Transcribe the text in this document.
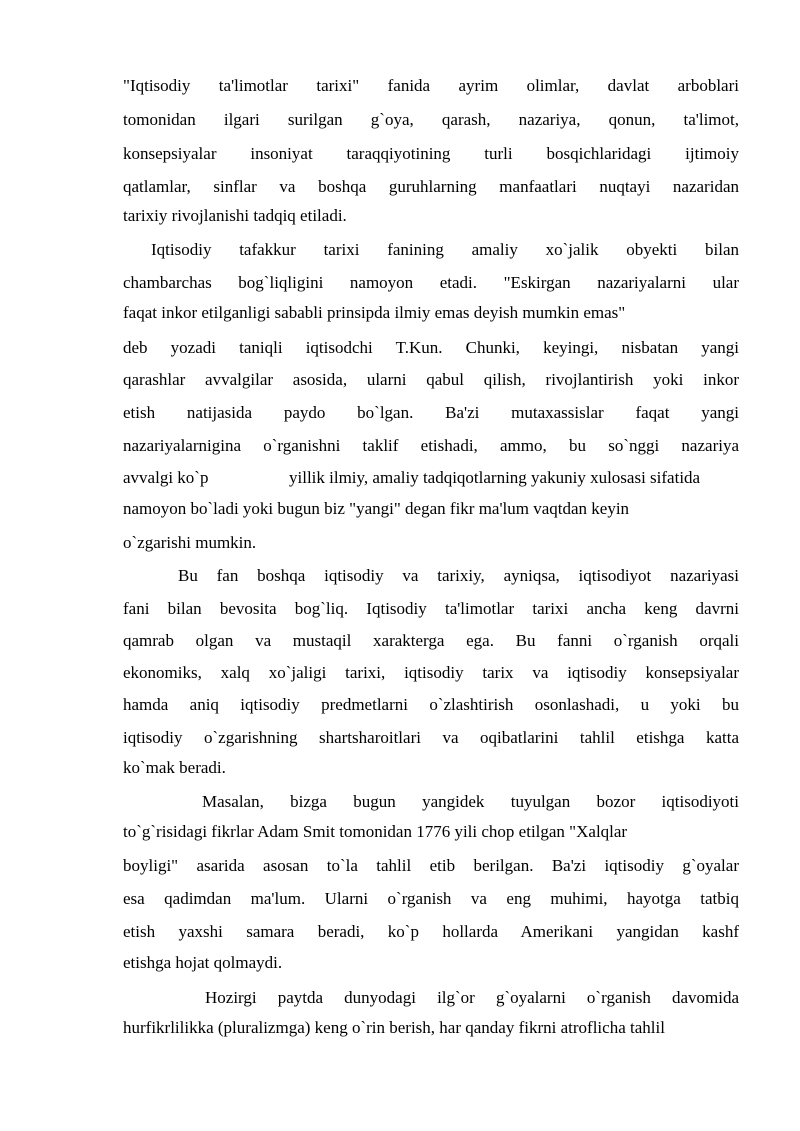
"Iqtisodiy ta'limotlar tarixi" fanida ayrim olimlar, davlat arboblari
tomonidan ilgari surilgan g`oya, qarash, nazariya, qonun, ta'limot,
konsepsiyalar insoniyat taraqqiyotining turli bosqichlaridagi ijtimoiy
qatlamlar, sinflar va boshqa guruhlarning manfaatlari nuqtayi nazaridan
tarixiy rivojlanishi tadqiq etiladi.
Iqtisodiy tafakkur tarixi fanining amaliy xo`jalik obyekti bilan
chambarchas bog`liqligini namoyon etadi. "Eskirgan nazariyalarni ular
faqat inkor etilganligi sababli prinsipda ilmiy emas deyish mumkin emas"
deb yozadi taniqli iqtisodchi T.Kun. Chunki, keyingi, nisbatan yangi
qarashlar avvalgilar asosida, ularni qabul qilish, rivojlantirish yoki inkor
etish natijasida paydo bo`lgan. Ba'zi mutaxassislar faqat yangi
nazariyalarnigina o`rganishni taklif etishadi, ammo, bu so`nggi nazariya
avvalgi ko`p	yillik ilmiy, amaliy tadqiqotlarning yakuniy xulosasi sifatida
namoyon bo`ladi yoki bugun biz "yangi" degan fikr ma'lum vaqtdan keyin
o`zgarishi mumkin.
Bu fan boshqa iqtisodiy va tarixiy, ayniqsa, iqtisodiyot nazariyasi
fani bilan bevosita bog`liq. Iqtisodiy ta'limotlar tarixi ancha keng davrni
qamrab olgan va mustaqil xarakterga ega. Bu fanni o`rganish orqali
ekonomiks, xalq xo`jaligi tarixi, iqtisodiy tarix va iqtisodiy konsepsiyalar
hamda aniq iqtisodiy predmetlarni o`zlashtirish osonlashadi, u yoki bu
iqtisodiy o`zgarishning shartsharoitlari va oqibatlarini tahlil etishga katta
ko`mak beradi.
Masalan, bizga bugun yangidek tuyulgan bozor iqtisodiyoti
to`g`risidagi fikrlar Adam Smit tomonidan 1776 yili chop etilgan "Xalqlar
boyligi" asarida asosan to`la tahlil etib berilgan. Ba'zi iqtisodiy g`oyalar
esa qadimdan ma'lum. Ularni o`rganish va eng muhimi, hayotga tatbiq
etish yaxshi samara beradi, ko`p hollarda Amerikani yangidan kashf
etishga hojat qolmaydi.
Hozirgi paytda dunyodagi ilg`or g`oyalarni o`rganish davomida
hurfikrlilikka (pluralizmga) keng o`rin berish, har qanday fikrni atroflicha tahlil
